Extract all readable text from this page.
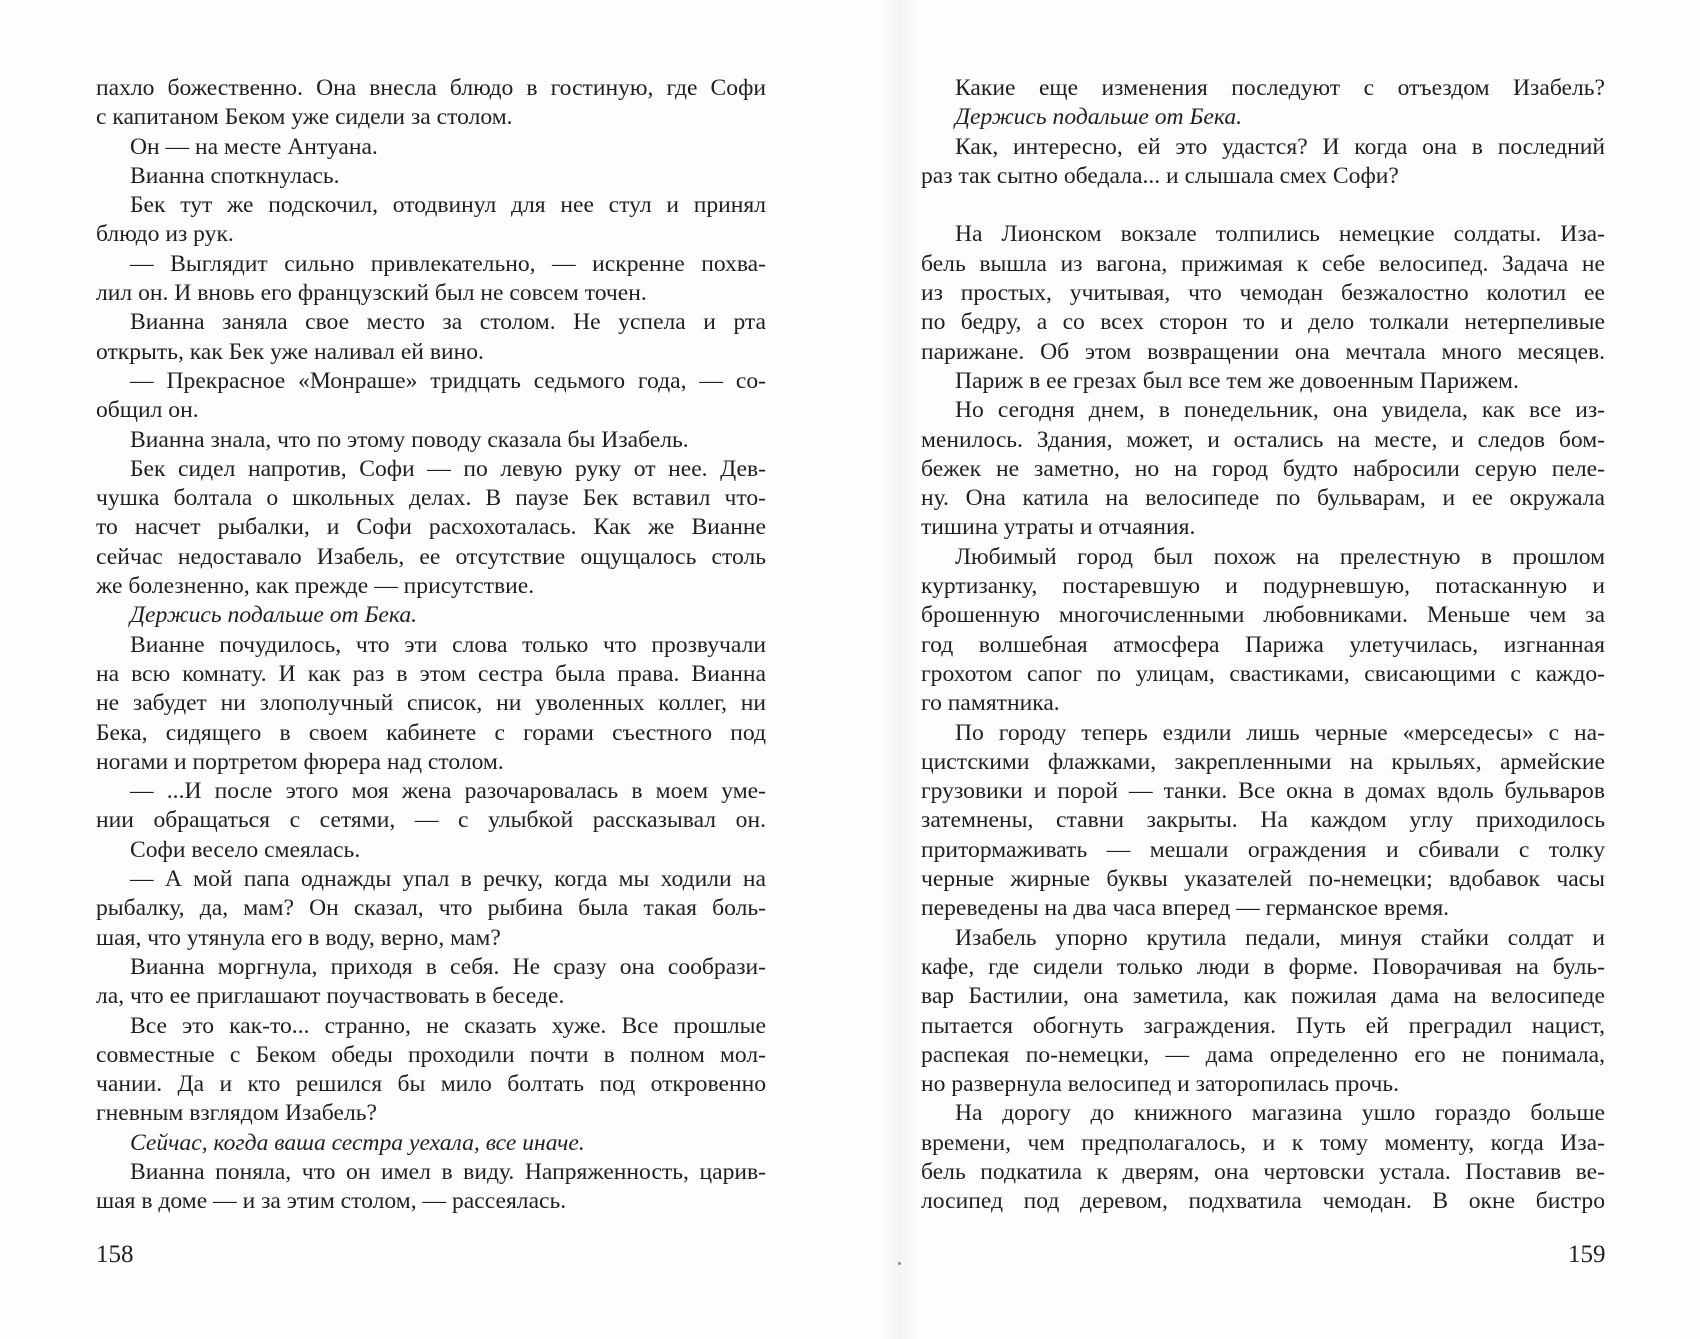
пахло божественно. Она внесла блюдо в гостиную, где Софи
с капитаном Беком уже сидели за столом.
Он — на месте Антуана.
Вианна споткнулась.
Бек тут же подскочил, отодвинул для нее стул и принял
блюдо из рук.
— Выглядит сильно привлекательно, — искренне похва-
лил он. И вновь его французский был не совсем точен.
Вианна заняла свое место за столом. Не успела и рта
открыть, как Бек уже наливал ей вино.
— Прекрасное «Монраше» тридцать седьмого года, — со-
общил он.
Вианна знала, что по этому поводу сказала бы Изабель.
Бек сидел напротив, Софи — по левую руку от нее. Дев-
чушка болтала о школьных делах. В паузе Бек вставил что-
то насчет рыбалки, и Софи расхохоталась. Как же Вианне
сейчас недоставало Изабель, ее отсутствие ощущалось столь
же болезненно, как прежде — присутствие.
Держись подальше от Бека.
Вианне почудилось, что эти слова только что прозвучали
на всю комнату. И как раз в этом сестра была права. Вианна
не забудет ни злополучный список, ни уволенных коллег, ни
Бека, сидящего в своем кабинете с горами съестного под
ногами и портретом фюрера над столом.
— ...И после этого моя жена разочаровалась в моем уме-
нии обращаться с сетями, — с улыбкой рассказывал он.
Софи весело смеялась.
— А мой папа однажды упал в речку, когда мы ходили на
рыбалку, да, мам? Он сказал, что рыбина была такая боль-
шая, что утянула его в воду, верно, мам?
Вианна моргнула, приходя в себя. Не сразу она сообрази-
ла, что ее приглашают поучаствовать в беседе.
Все это как-то... странно, не сказать хуже. Все прошлые
совместные с Беком обеды проходили почти в полном мол-
чании. Да и кто решился бы мило болтать под откровенно
гневным взглядом Изабель?
Сейчас, когда ваша сестра уехала, все иначе.
Вианна поняла, что он имел в виду. Напряженность, царив-
шая в доме — и за этим столом, — рассеялась.
158
Какие еще изменения последуют с отъездом Изабель?
Держись подальше от Бека.
Как, интересно, ей это удастся? И когда она в последний
раз так сытно обедала... и слышала смех Софи?
На Лионском вокзале толпились немецкие солдаты. Иза-
бель вышла из вагона, прижимая к себе велосипед. Задача не
из простых, учитывая, что чемодан безжалостно колотил ее
по бедру, а со всех сторон то и дело толкали нетерпеливые
парижане. Об этом возвращении она мечтала много месяцев.
Париж в ее грезах был все тем же довоенным Парижем.
Но сегодня днем, в понедельник, она увидела, как все из-
менилось. Здания, может, и остались на месте, и следов бом-
бежек не заметно, но на город будто набросили серую пеле-
ну. Она катила на велосипеде по бульварам, и ее окружала
тишина утраты и отчаяния.
Любимый город был похож на прелестную в прошлом
куртизанку, постаревшую и подурневшую, потасканную и
брошенную многочисленными любовниками. Меньше чем за
год волшебная атмосфера Парижа улетучилась, изгнанная
грохотом сапог по улицам, свастиками, свисающими с каждо-
го памятника.
По городу теперь ездили лишь черные «мерседесы» с на-
цистскими флажками, закрепленными на крыльях, армейские
грузовики и порой — танки. Все окна в домах вдоль бульваров
затемнены, ставни закрыты. На каждом углу приходилось
притормаживать — мешали ограждения и сбивали с толку
черные жирные буквы указателей по-немецки; вдобавок часы
переведены на два часа вперед — германское время.
Изабель упорно крутила педали, минуя стайки солдат и
кафе, где сидели только люди в форме. Поворачивая на буль-
вар Бастилии, она заметила, как пожилая дама на велосипеде
пытается обогнуть заграждения. Путь ей преградил нацист,
распекая по-немецки, — дама определенно его не понимала,
но развернула велосипед и заторопилась прочь.
На дорогу до книжного магазина ушло гораздо больше
времени, чем предполагалось, и к тому моменту, когда Иза-
бель подкатила к дверям, она чертовски устала. Поставив ве-
лосипед под деревом, подхватила чемодан. В окне бистро
159
